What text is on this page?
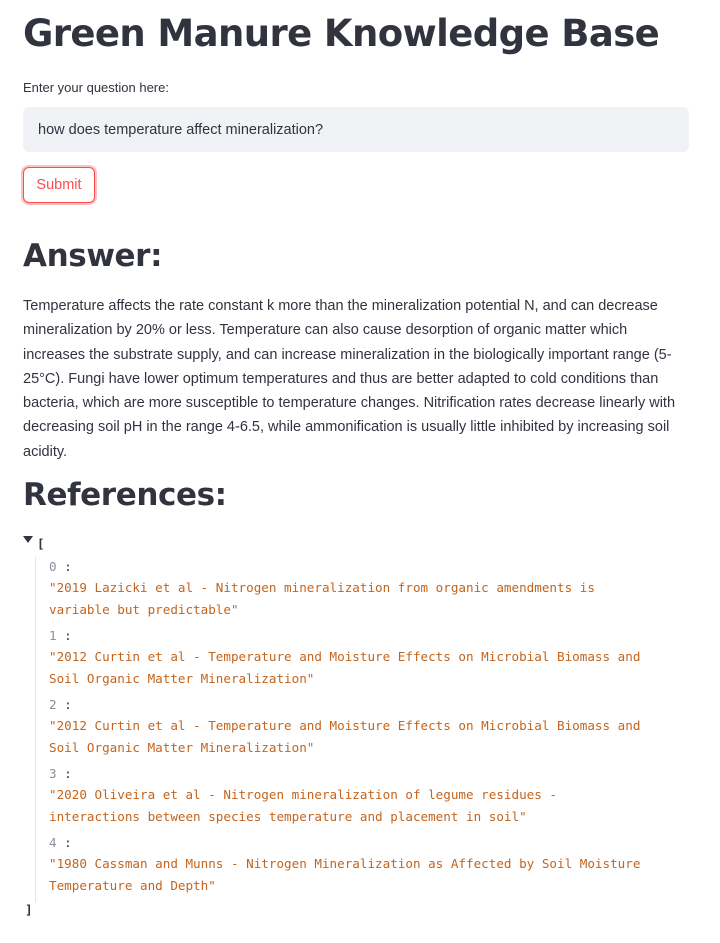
Green Manure Knowledge Base
Enter your question here:
how does temperature affect mineralization?
Submit
Answer:

Temperature affects the rate constant k more than the mineralization potential N, and can decrease mineralization by 20% or less. Temperature can also cause desorption of organic matter which increases the substrate supply, and can increase mineralization in the biologically important range (5-25°C). Fungi have lower optimum temperatures and thus are better adapted to cold conditions than bacteria, which are more susceptible to temperature changes. Nitrification rates decrease linearly with decreasing soil pH in the range 4-6.5, while ammonification is usually little inhibited by increasing soil acidity.

References:
[
0 :
"2019 Lazicki et al - Nitrogen mineralization from organic amendments is
variable but predictable"
1 :
"2012 Curtin et al - Temperature and Moisture Effects on Microbial Biomass and
Soil Organic Matter Mineralization"
2 :
"2012 Curtin et al - Temperature and Moisture Effects on Microbial Biomass and
Soil Organic Matter Mineralization"
3 :
"2020 Oliveira et al - Nitrogen mineralization of legume residues -
interactions between species temperature and placement in soil"
4 :
"1980 Cassman and Munns - Nitrogen Mineralization as Affected by Soil Moisture
Temperature and Depth"
]
